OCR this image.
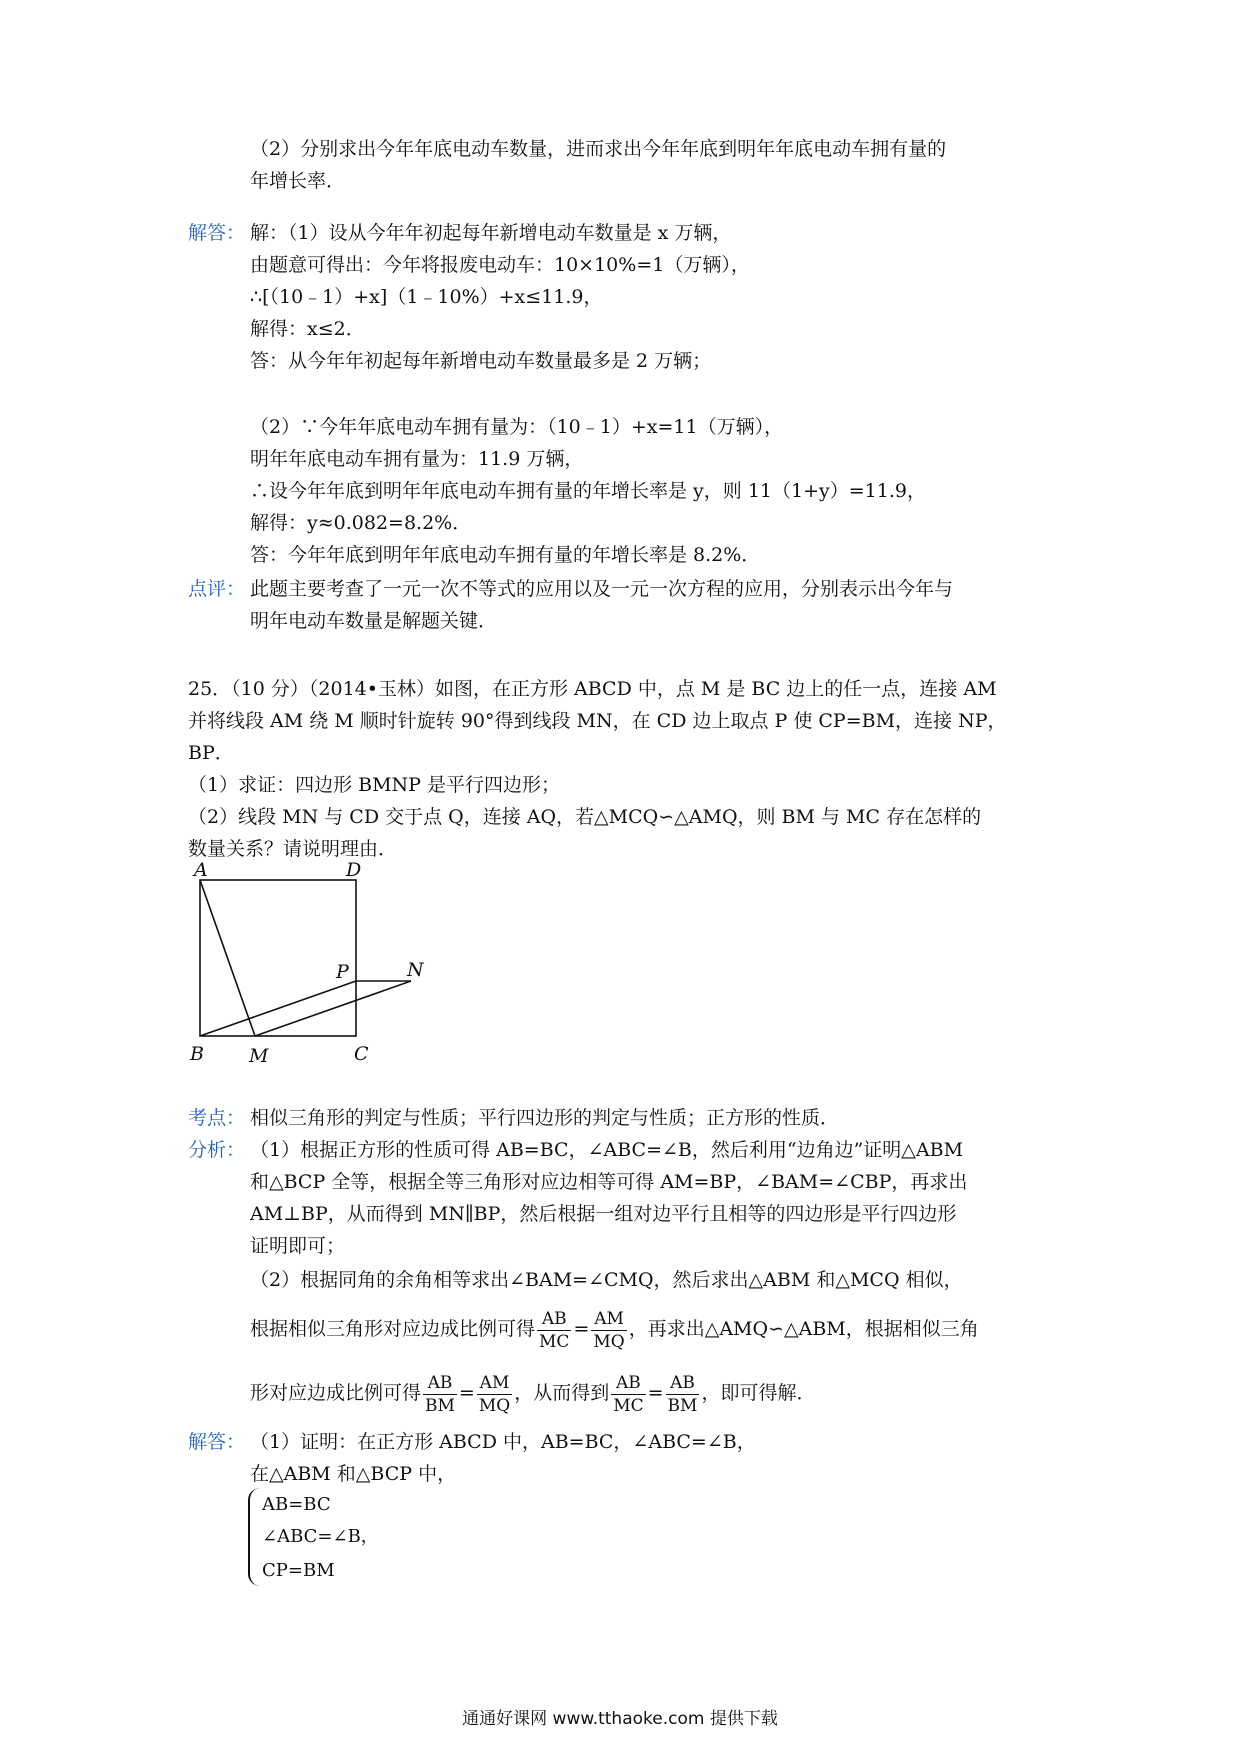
（2）分别求出今年年底电动车数量，进而求出今年年底到明年年底电动车拥有量的
年增长率．
解答： 解：（1）设从今年年初起每年新增电动车数量是 x 万辆，
由题意可得出：今年将报废电动车：10×10%=1（万辆），
∴[（10﹣1）+x]（1﹣10%）+x≤11.9，
解得：x≤2．
答：从今年年初起每年新增电动车数量最多是 2 万辆；
（2）∵今年年底电动车拥有量为：（10﹣1）+x=11（万辆），
明年年底电动车拥有量为：11.9 万辆，
∴设今年年底到明年年底电动车拥有量的年增长率是 y，则 11（1+y）=11.9，
解得：y≈0.082=8.2%．
答：今年年底到明年年底电动车拥有量的年增长率是 8.2%．
点评： 此题主要考查了一元一次不等式的应用以及一元一次方程的应用，分别表示出今年与
明年电动车数量是解题关键．
25．（10 分）（2014•玉林）如图，在正方形 ABCD 中，点 M 是 BC 边上的任一点，连接 AM
并将线段 AM 绕 M 顺时针旋转 90°得到线段 MN，在 CD 边上取点 P 使 CP=BM，连接 NP，
BP．
（1）求证：四边形 BMNP 是平行四边形；
（2）线段 MN 与 CD 交于点 Q，连接 AQ，若△MCQ∽△AMQ，则 BM 与 MC 存在怎样的
数量关系？请说明理由．
A	D
P	N
B M	C
考点： 相似三角形的判定与性质；平行四边形的判定与性质；正方形的性质．
分析： （1）根据正方形的性质可得 AB=BC，∠ABC=∠B，然后利用“边角边”证明△ABM
和△BCP 全等，根据全等三角形对应边相等可得 AM=BP，∠BAM=∠CBP，再求出
AM⊥BP，从而得到 MN∥BP，然后根据一组对边平行且相等的四边形是平行四边形
证明即可；
（2）根据同角的余角相等求出∠BAM=∠CMQ，然后求出△ABM 和△MCQ 相似，
根据相似三角形对应边成比例可得 $\frac{AB}{MC} = \frac{AM}{MQ}$ ，再求出△AMQ∽△ABM，根据相似三角
形对应边成比例可得 $\frac{AB}{BM} = \frac{AM}{MQ}$ ，从而得到 $\frac{AB}{MC} = \frac{AB}{BM}$ ，即可得解．
解答： （1）证明：在正方形 ABCD 中，AB=BC，∠ABC=∠B，
在△ABM 和△BCP 中，
AB=BC
∠ABC=∠B，
CP=BM
通通好课网 www.tthaoke.com 提供下载
